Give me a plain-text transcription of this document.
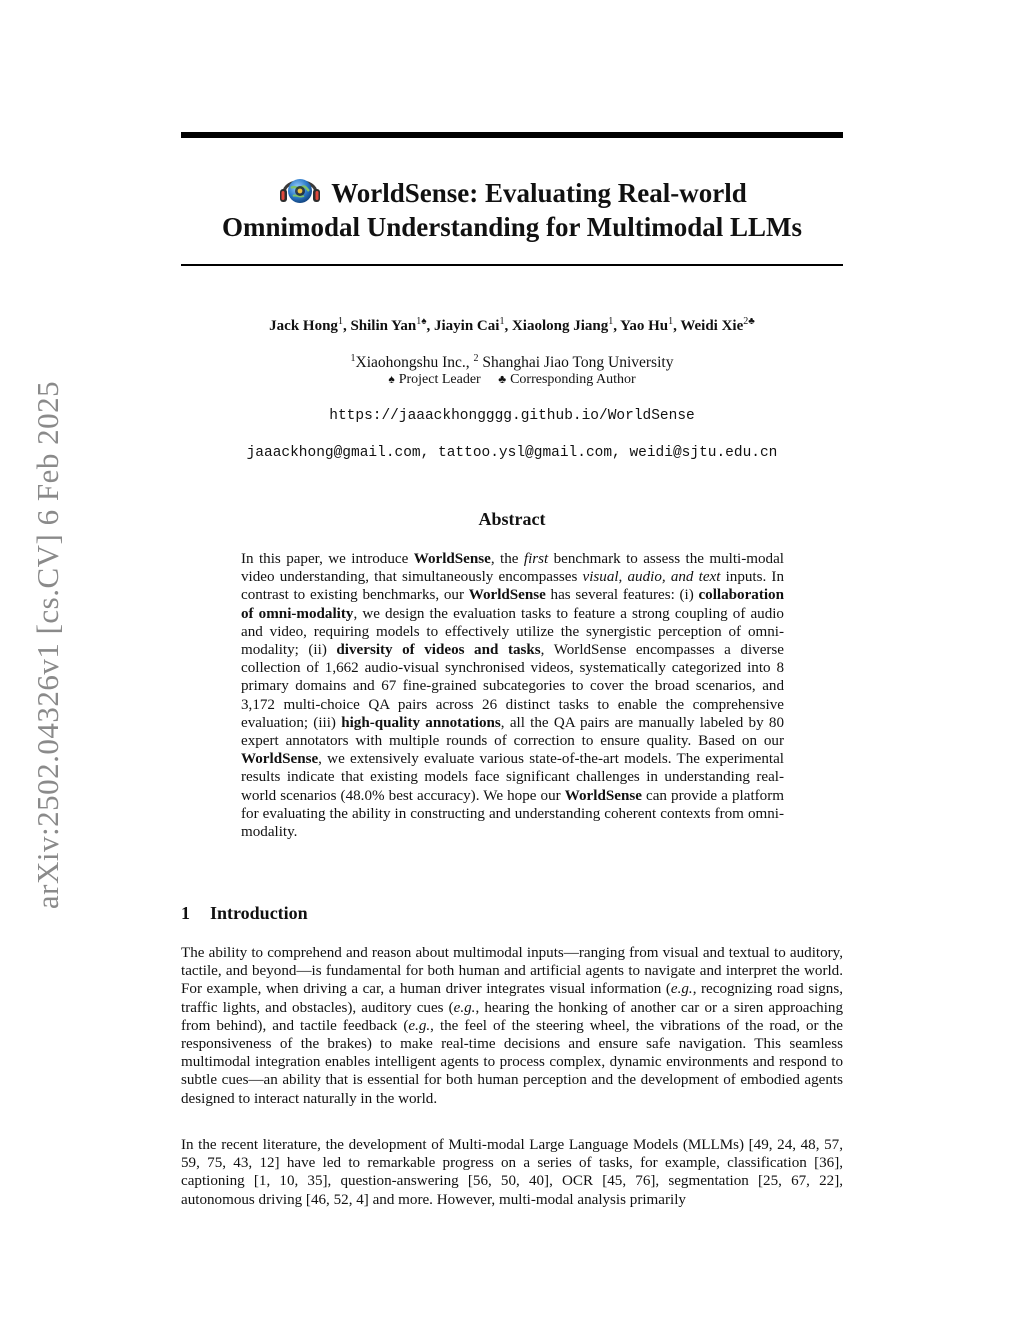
arXiv:2502.04326v1 [cs.CV] 6 Feb 2025
WorldSense: Evaluating Real-world
Omnimodal Understanding for Multimodal LLMs
Jack Hong$^1$, Shilin Yan$^{1♠}$, Jiayin Cai$^1$, Xiaolong Jiang$^1$, Yao Hu$^1$, Weidi Xie$^{2♣}$
$^1$Xiaohongshu Inc., $^2$ Shanghai Jiao Tong University
♠ Project Leader ♣ Corresponding Author
https://jaaackhongggg.github.io/WorldSense
jaaackhong@gmail.com, tattoo.ysl@gmail.com, weidi@sjtu.edu.cn
Abstract
In this paper, we introduce WorldSense, the first benchmark to assess the multi-modal video understanding, that simultaneously encompasses visual, audio, and text inputs. In contrast to existing benchmarks, our WorldSense has several features: (i) collaboration of omni-modality, we design the evaluation tasks to feature a strong coupling of audio and video, requiring models to effectively utilize the synergistic perception of omni-modality; (ii) diversity of videos and tasks, WorldSense encompasses a diverse collection of 1,662 audio-visual synchronised videos, systematically categorized into 8 primary domains and 67 fine-grained subcategories to cover the broad scenarios, and 3,172 multi-choice QA pairs across 26 distinct tasks to enable the comprehensive evaluation; (iii) high-quality annotations, all the QA pairs are manually labeled by 80 expert annotators with multiple rounds of correction to ensure quality. Based on our WorldSense, we extensively evaluate various state-of-the-art models. The experimental results indicate that existing models face significant challenges in understanding real-world scenarios (48.0% best accuracy). We hope our WorldSense can provide a platform for evaluating the ability in constructing and understanding coherent contexts from omni-modality.
1 Introduction
The ability to comprehend and reason about multimodal inputs—ranging from visual and textual to auditory, tactile, and beyond—is fundamental for both human and artificial agents to navigate and interpret the world. For example, when driving a car, a human driver integrates visual information (e.g., recognizing road signs, traffic lights, and obstacles), auditory cues (e.g., hearing the honking of another car or a siren approaching from behind), and tactile feedback (e.g., the feel of the steering wheel, the vibrations of the road, or the responsiveness of the brakes) to make real-time decisions and ensure safe navigation. This seamless multimodal integration enables intelligent agents to process complex, dynamic environments and respond to subtle cues—an ability that is essential for both human perception and the development of embodied agents designed to interact naturally in the world.
In the recent literature, the development of Multi-modal Large Language Models (MLLMs) [49, 24, 48, 57, 59, 75, 43, 12] have led to remarkable progress on a series of tasks, for example, classification [36], captioning [1, 10, 35], question-answering [56, 50, 40], OCR [45, 76], segmentation [25, 67, 22], autonomous driving [46, 52, 4] and more. However, multi-modal analysis primarily
